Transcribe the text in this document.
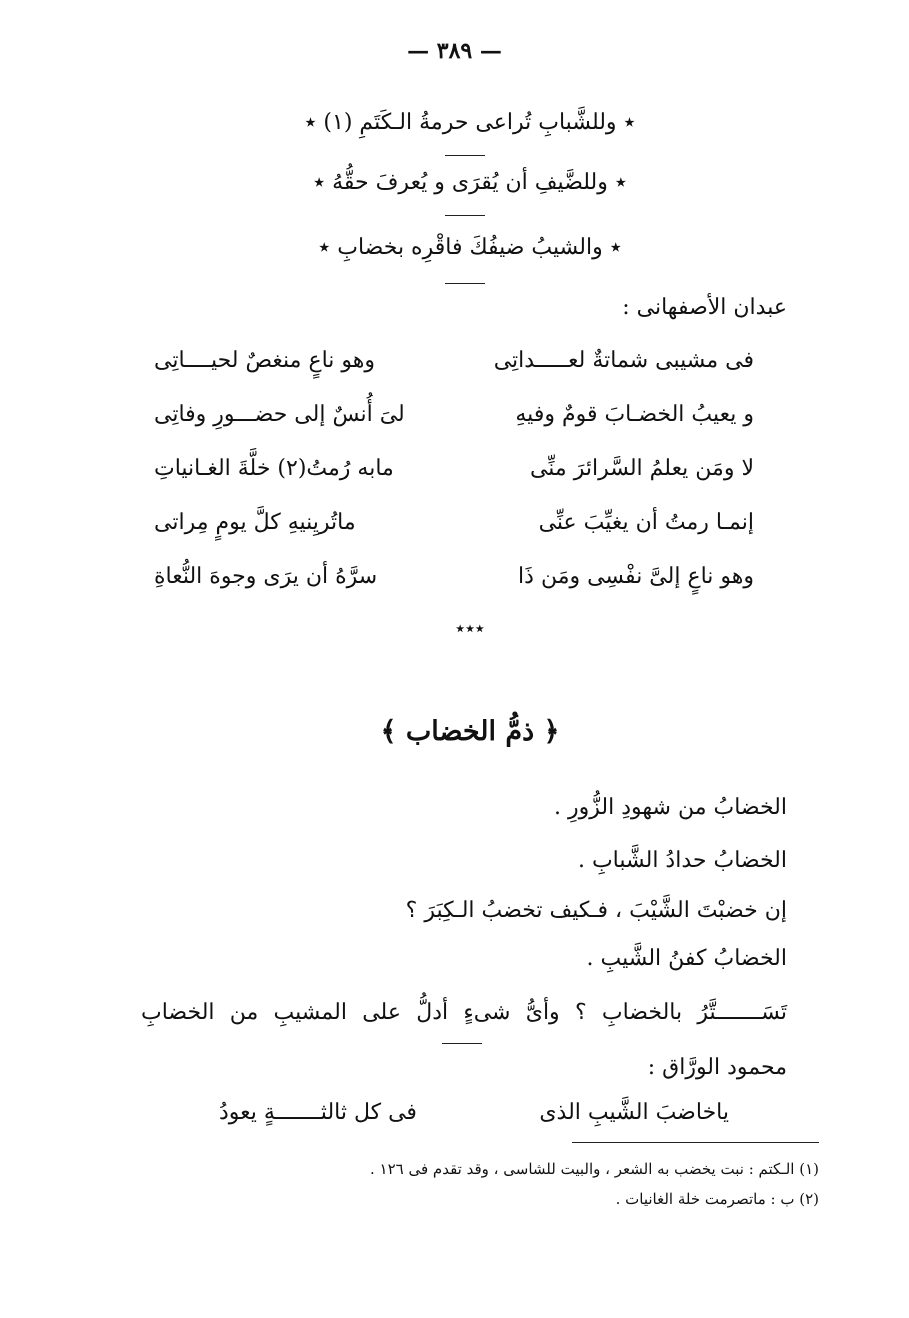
— ٣٨٩ —
٭ وللشَّبابِ تُراعى حرمةُ الـكَتَمِ (١) ٭
٭ وللضَّيفِ أن يُقرَى و يُعرفَ حقُّهُ ٭
٭ والشيبُ ضيفُكَ فاقْرِه بخضابِ ٭
عبدان الأصفهانى :
فى مشيبى شماتةٌ لعـــــداتِى
وهو ناعٍ منغصٌ لحيــــاتِى
و يعيبُ الخضـابَ قومٌ وفيهِ
لىَ أُنسٌ إلى حضـــورِ وفاتِى
لا ومَن يعلمُ السَّرائرَ منِّى
مابه رُمتُ(٢) خلَّةَ الغـانياتِ
إنمـا رمتُ أن يغيِّبَ عنِّى
ماتُريِنيهِ كلَّ يومٍ مِراتى
وهو ناعٍ إلىَّ نفْسِى ومَن ذَا
سرَّهُ أن يرَى وجوهَ النُّعاةِ
٭٭٭
﴿ ذمُّ الخضاب ﴾
الخضابُ من شهودِ الزُّورِ .
الخضابُ حدادُ الشَّبابِ .
إن خضبْتَ الشَّيْبَ ، فـكيف تخضبُ الـكِبَرَ ؟
الخضابُ كفنُ الشَّيبِ .
تَسَـــــــتَّرُ بالخضابِ ؟ وأىُّ شىءٍ أدلُّ على المشيبِ من الخضابِ
محمود الورَّاق :
ياخاضبَ الشَّيبِ الذى
فى كل ثالثـــــــةٍ يعودُ
(١) الـكتم : نبت يخضب به الشعر ، والبيت للشاسى ، وقد تقدم فى ١٢٦ .
(٢) ب : ماتصرمت خلة الغانيات .
